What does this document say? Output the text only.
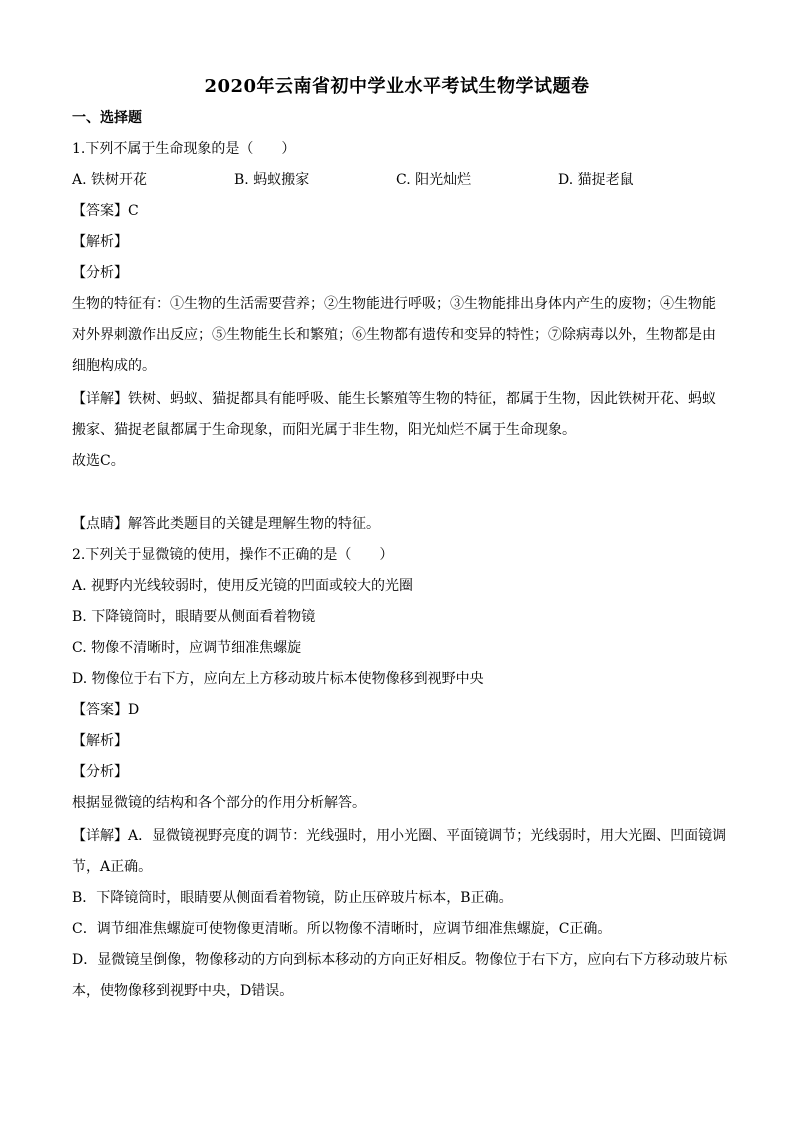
2020年云南省初中学业水平考试生物学试题卷
一、选择题
1.下列不属于生命现象的是（　　）
A. 铁树开花	B. 蚂蚁搬家	C. 阳光灿烂	D. 猫捉老鼠
【答案】C
【解析】
【分析】
生物的特征有：①生物的生活需要营养；②生物能进行呼吸；③生物能排出身体内产生的废物；④生物能
对外界刺激作出反应；⑤生物能生长和繁殖；⑥生物都有遗传和变异的特性；⑦除病毒以外，生物都是由
细胞构成的。
【详解】铁树、蚂蚁、猫捉都具有能呼吸、能生长繁殖等生物的特征，都属于生物，因此铁树开花、蚂蚁
搬家、猫捉老鼠都属于生命现象，而阳光属于非生物，阳光灿烂不属于生命现象。
故选C。
【点睛】解答此类题目的关键是理解生物的特征。
2.下列关于显微镜的使用，操作不正确的是（　　）
A. 视野内光线较弱时，使用反光镜的凹面或较大的光圈
B. 下降镜筒时，眼睛要从侧面看着物镜
C. 物像不清晰时，应调节细准焦螺旋
D. 物像位于右下方，应向左上方移动玻片标本使物像移到视野中央
【答案】D
【解析】
【分析】
根据显微镜的结构和各个部分的作用分析解答。
【详解】A．显微镜视野亮度的调节：光线强时，用小光圈、平面镜调节；光线弱时，用大光圈、凹面镜调
节，A正确。
B．下降镜筒时，眼睛要从侧面看着物镜，防止压碎玻片标本，B正确。
C．调节细准焦螺旋可使物像更清晰。所以物像不清晰时，应调节细准焦螺旋，C正确。
D．显微镜呈倒像，物像移动的方向到标本移动的方向正好相反。物像位于右下方，应向右下方移动玻片标
本，使物像移到视野中央，D错误。
